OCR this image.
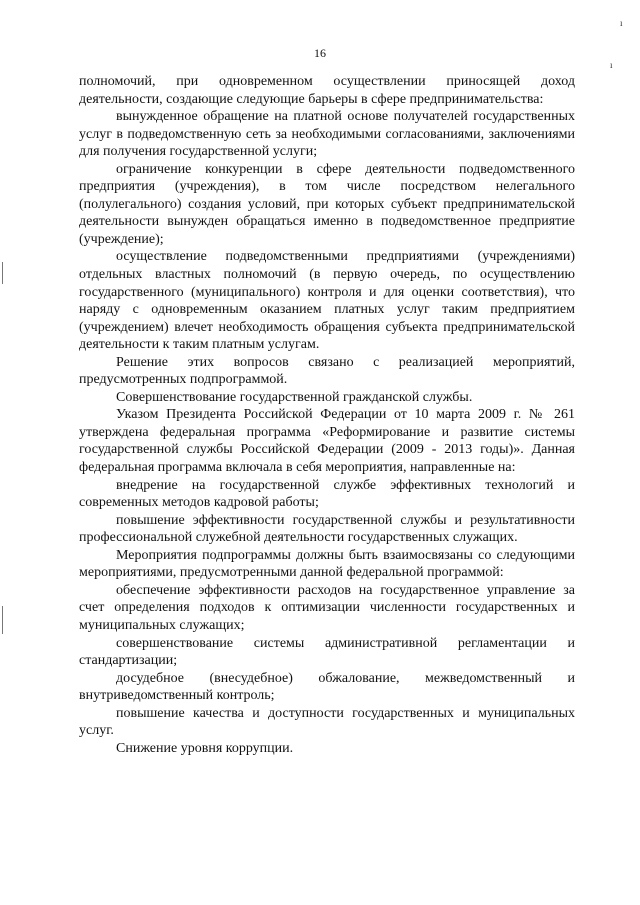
16
ı
ı

полномочий, при одновременном осуществлении приносящей доход деятельности, создающие следующие барьеры в сфере предпринимательства:

вынужденное обращение на платной основе получателей государственных услуг в подведомственную сеть за необходимыми согласованиями, заключениями для получения государственной услуги;

ограничение конкуренции в сфере деятельности подведомственного предприятия (учреждения), в том числе посредством нелегального (полулегального) создания условий, при которых субъект предпринимательской деятельности вынужден обращаться именно в подведомственное предприятие (учреждение);

осуществление подведомственными предприятиями (учреждениями) отдельных властных полномочий (в первую очередь, по осуществлению государственного (муниципального) контроля и для оценки соответствия), что наряду с одновременным оказанием платных услуг таким предприятием (учреждением) влечет необходимость обращения субъекта предпринимательской деятельности к таким платным услугам.

Решение этих вопросов связано с реализацией мероприятий, предусмотренных подпрограммой.

Совершенствование государственной гражданской службы.

Указом Президента Российской Федерации от 10 марта 2009 г. № 261 утверждена федеральная программа «Реформирование и развитие системы государственной службы Российской Федерации (2009 - 2013 годы)». Данная федеральная программа включала в себя мероприятия, направленные на:

внедрение на государственной службе эффективных технологий и современных методов кадровой работы;

повышение эффективности государственной службы и результативности профессиональной служебной деятельности государственных служащих.

Мероприятия подпрограммы должны быть взаимосвязаны со следующими мероприятиями, предусмотренными данной федеральной программой:

обеспечение эффективности расходов на государственное управление за счет определения подходов к оптимизации численности государственных и муниципальных служащих;

совершенствование системы административной регламентации и стандартизации;

досудебное (внесудебное) обжалование, межведомственный и внутриведомственный контроль;

повышение качества и доступности государственных и муниципальных услуг.

Снижение уровня коррупции.
